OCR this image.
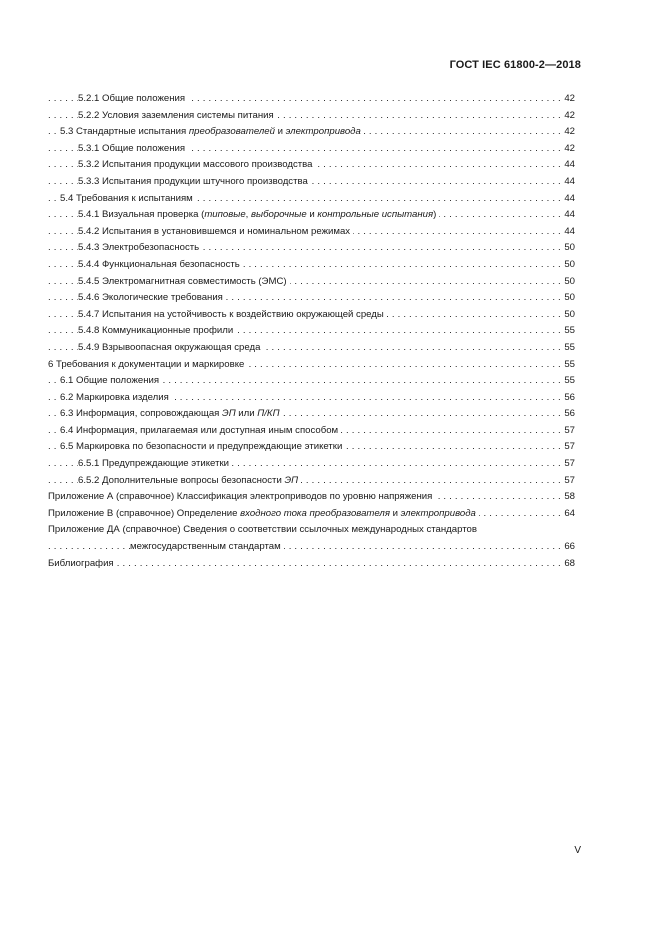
ГОСТ IEC 61800-2—2018
. . .
5.2.1 Общие положения	42
. . .
5.2.2 Условия заземления системы питания	42
. . .
5.3 Стандартные испытания преобразователей и электропривода	42
. . .
5.3.1 Общие положения	42
. . .
5.3.2 Испытания продукции массового производства	44
. . .
5.3.3 Испытания продукции штучного производства	44
. . .
5.4 Требования к испытаниям	44
. . .
5.4.1 Визуальная проверка (типовые, выборочные и контрольные испытания)	44
. . .
5.4.2 Испытания в установившемся и номинальном режимах	44
. . .
5.4.3 Электробезопасность	50
. . .
5.4.4 Функциональная безопасность	50
. . .
5.4.5 Электромагнитная совместимость (ЭМС)	50
. . .
5.4.6 Экологические требования	50
. . .
5.4.7 Испытания на устойчивость к воздействию окружающей среды	50
. . .
5.4.8 Коммуникационные профили	55
. . .
5.4.9 Взрывоопасная окружающая среда	55
. . .
6 Требования к документации и маркировке	55
. . .
6.1 Общие положения	55
. . .
6.2 Маркировка изделия	56
. . .
6.3 Информация, сопровождающая ЭП или П/КП	56
. . .
6.4 Информация, прилагаемая или доступная иным способом	57
. . .
6.5 Маркировка по безопасности и предупреждающие этикетки	57
. . .
6.5.1 Предупреждающие этикетки	57
. . .
6.5.2 Дополнительные вопросы безопасности ЭП	57
. . .
Приложение А (справочное) Классификация электроприводов по уровню напряжения	58
. . .
Приложение В (справочное) Определение входного тока преобразователя и электропривода	64
Приложение ДА (справочное) Сведения о соответствии ссылочных международных стандартов
. . .
межгосударственным стандартам	66
. . .
Библиография	68
V
